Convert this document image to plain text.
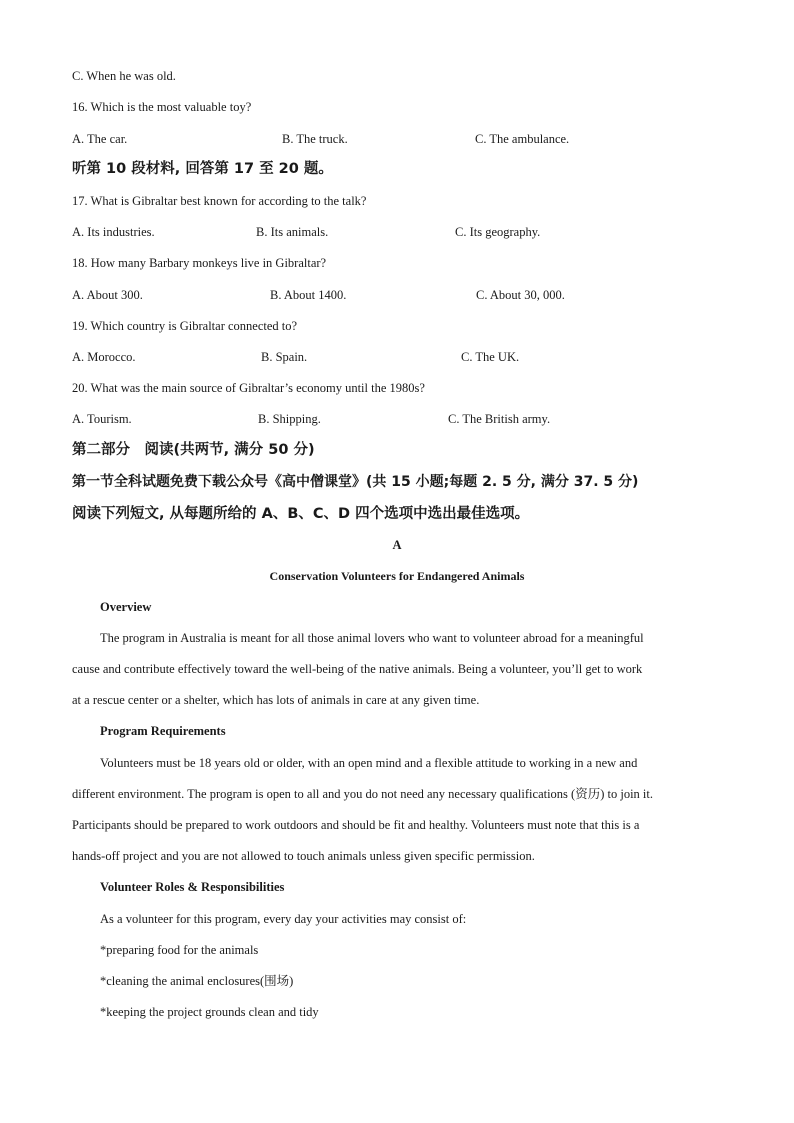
C. When he was old.
16. Which is the most valuable toy?
A. The car.	B. The truck.	C. The ambulance.
听第 10 段材料, 回答第 17 至 20 题。
17. What is Gibraltar best known for according to the talk?
A. Its industries.	B. Its animals.	C. Its geography.
18. How many Barbary monkeys live in Gibraltar?
A. About 300.	B. About 1400.	C. About 30, 000.
19. Which country is Gibraltar connected to?
A. Morocco.	B. Spain.	C. The UK.
20. What was the main source of Gibraltar’s economy until the 1980s?
A. Tourism.	B. Shipping.	C. The British army.
第二部分　阅读(共两节, 满分 50 分)
第一节全科试题免费下载公众号《高中僧课堂》(共 15 小题;每题 2. 5 分, 满分 37. 5 分)
阅读下列短文, 从每题所给的 A、B、C、D 四个选项中选出最佳选项。
A
Conservation Volunteers for Endangered Animals
Overview
The program in Australia is meant for all those animal lovers who want to volunteer abroad for a meaningful
cause and contribute effectively toward the well-being of the native animals. Being a volunteer, you’ll get to work
at a rescue center or a shelter, which has lots of animals in care at any given time.
Program Requirements
Volunteers must be 18 years old or older, with an open mind and a flexible attitude to working in a new and
different environment. The program is open to all and you do not need any necessary qualifications (资历) to join it.
Participants should be prepared to work outdoors and should be fit and healthy. Volunteers must note that this is a
hands-off project and you are not allowed to touch animals unless given specific permission.
Volunteer Roles & Responsibilities
As a volunteer for this program, every day your activities may consist of:
*preparing food for the animals
*cleaning the animal enclosures(围场)
*keeping the project grounds clean and tidy
